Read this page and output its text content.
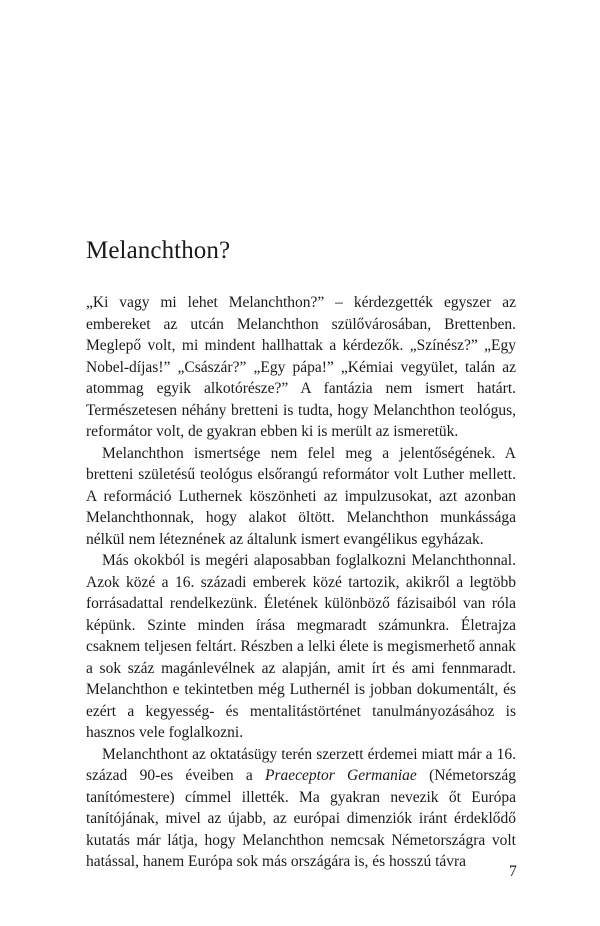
Melanchthon?

„Ki vagy mi lehet Melanchthon?” – kérdezgették egyszer az embereket az utcán Melanchthon szülővárosában, Brettenben. Meglepő volt, mi mindent hallhattak a kérdezők. „Színész?” „Egy Nobel-díjas!” „Császár?” „Egy pápa!” „Kémiai vegyület, talán az atommag egyik alkotórésze?” A fantázia nem ismert határt. Természetesen néhány bretteni is tudta, hogy Melanchthon teológus, reformátor volt, de gyakran ebben ki is merült az ismeretük.

Melanchthon ismertsége nem felel meg a jelentőségének. A bretteni születésű teológus elsőrangú reformátor volt Luther mellett. A reformáció Luthernek köszönheti az impulzusokat, azt azonban Melanchthonnak, hogy alakot öltött. Melanchthon munkássága nélkül nem léteznének az általunk ismert evangélikus egyházak.

Más okokból is megéri alaposabban foglalkozni Melanchthonnal. Azok közé a 16. századi emberek közé tartozik, akikről a legtöbb forrásadattal rendelkezünk. Életének különböző fázisaiból van róla képünk. Szinte minden írása megmaradt számunkra. Életrajza csaknem teljesen feltárt. Részben a lelki élete is megismerhető annak a sok száz magánlevélnek az alapján, amit írt és ami fennmaradt. Melanchthon e tekintetben még Luthernél is jobban dokumentált, és ezért a kegyesség- és mentalitástörténet tanulmányozásához is hasznos vele foglalkozni.

Melanchthont az oktatásügy terén szerzett érdemei miatt már a 16. század 90-es éveiben a Praeceptor Germaniae (Németország tanítómestere) címmel illették. Ma gyakran nevezik őt Európa tanítójának, mivel az újabb, az európai dimenziók iránt érdeklődő kutatás már látja, hogy Melanchthon nemcsak Németországra volt hatással, hanem Európa sok más országára is, és hosszú távra

7
